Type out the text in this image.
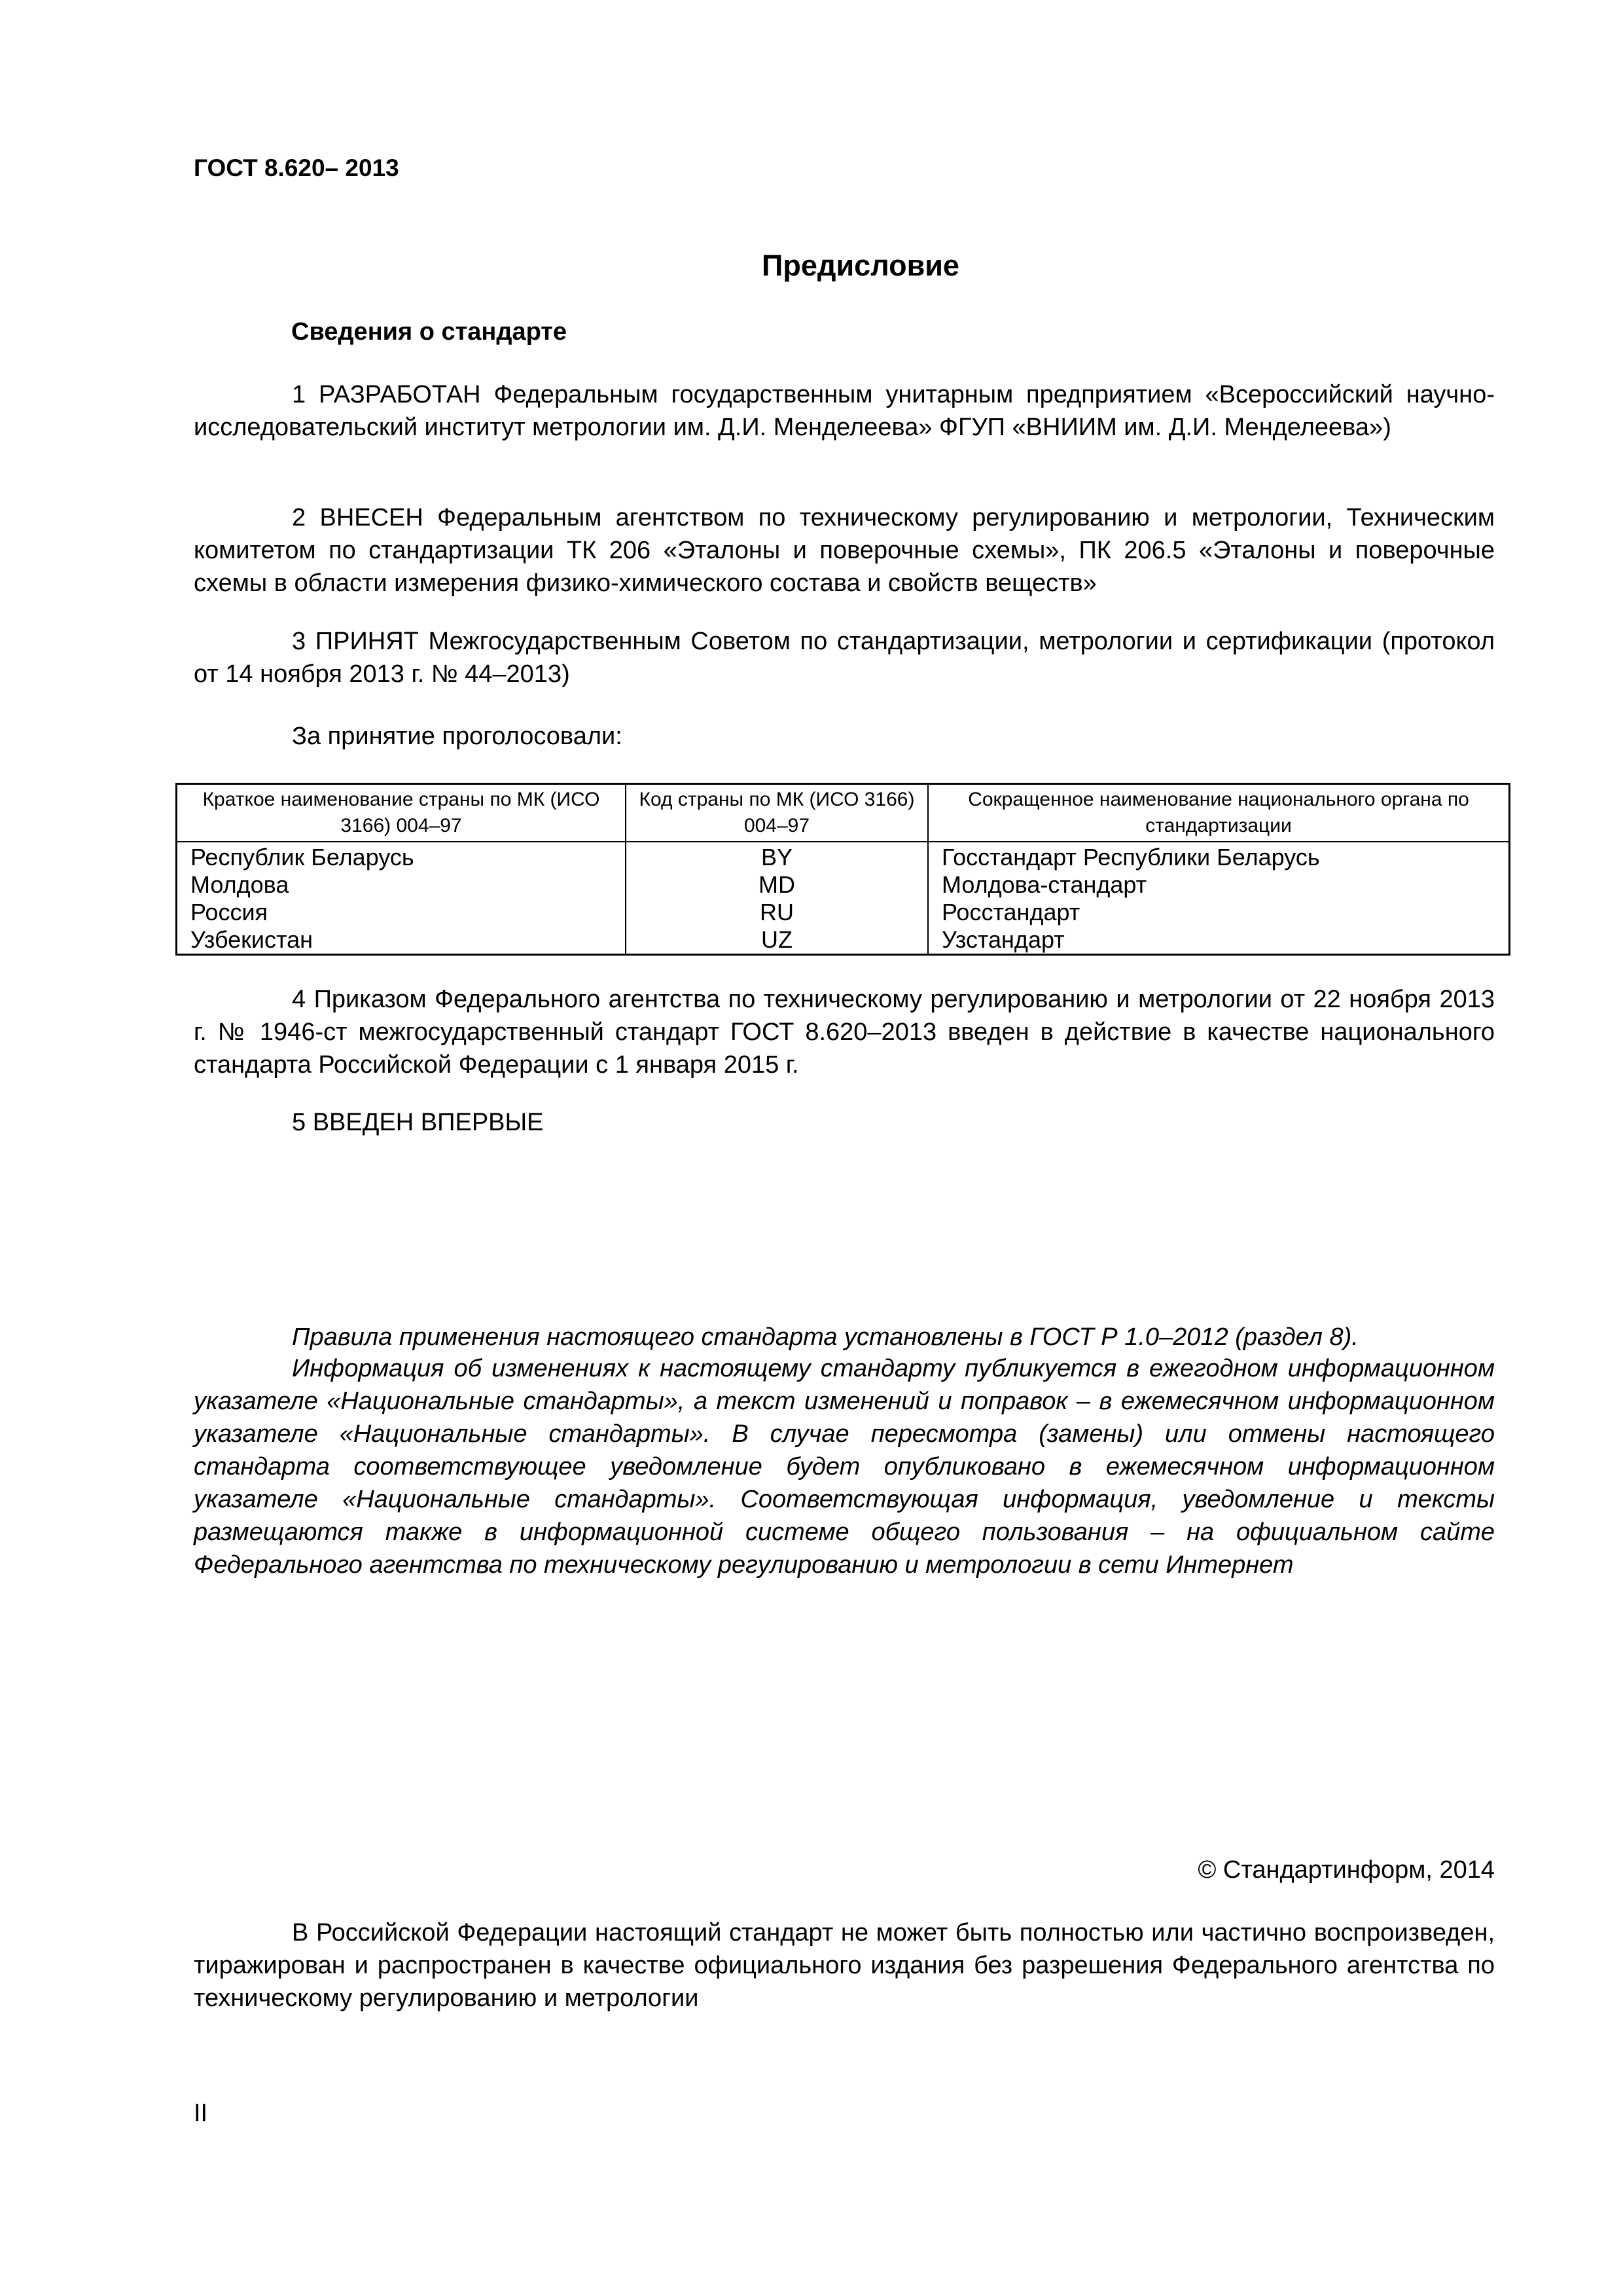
ГОСТ 8.620– 2013
Предисловие
Сведения о стандарте
1 РАЗРАБОТАН Федеральным государственным унитарным предприятием «Всероссийский научно-исследовательский институт метрологии им. Д.И. Менделеева» ФГУП «ВНИИМ им. Д.И. Менделеева»)
2 ВНЕСЕН Федеральным агентством по техническому регулированию и метрологии, Техническим комитетом по стандартизации ТК 206 «Эталоны и поверочные схемы», ПК 206.5 «Эталоны и поверочные схемы в области измерения физико-химического состава и свойств веществ»
3 ПРИНЯТ Межгосударственным Советом по стандартизации, метрологии и сертификации (протокол от 14 ноября 2013 г. № 44–2013)
За принятие проголосовали:
Краткое наименование страны по МК (ИСО 3166) 004–97	Код страны по МК (ИСО 3166) 004–97	Сокращенное наименование национального органа по стандартизации
Республик Беларусь	BY	Госстандарт Республики Беларусь
Молдова	MD	Молдова-стандарт
Россия	RU	Росстандарт
Узбекистан	UZ	Узстандарт
4 Приказом Федерального агентства по техническому регулированию и метрологии от 22 ноября 2013 г. № 1946-ст межгосударственный стандарт ГОСТ 8.620–2013 введен в действие в качестве национального стандарта Российской Федерации с 1 января 2015 г.
5 ВВЕДЕН ВПЕРВЫЕ
Правила применения настоящего стандарта установлены в ГОСТ Р 1.0–2012 (раздел 8).
Информация об изменениях к настоящему стандарту публикуется в ежегодном информационном указателе «Национальные стандарты», а текст изменений и поправок – в ежемесячном информационном указателе «Национальные стандарты». В случае пересмотра (замены) или отмены настоящего стандарта соответствующее уведомление будет опубликовано в ежемесячном информационном указателе «Национальные стандарты». Соответствующая информация, уведомление и тексты размещаются также в информационной системе общего пользования – на официальном сайте Федерального агентства по техническому регулированию и метрологии в сети Интернет
© Стандартинформ, 2014
В Российской Федерации настоящий стандарт не может быть полностью или частично воспроизведен, тиражирован и распространен в качестве официального издания без разрешения Федерального агентства по техническому регулированию и метрологии
II
